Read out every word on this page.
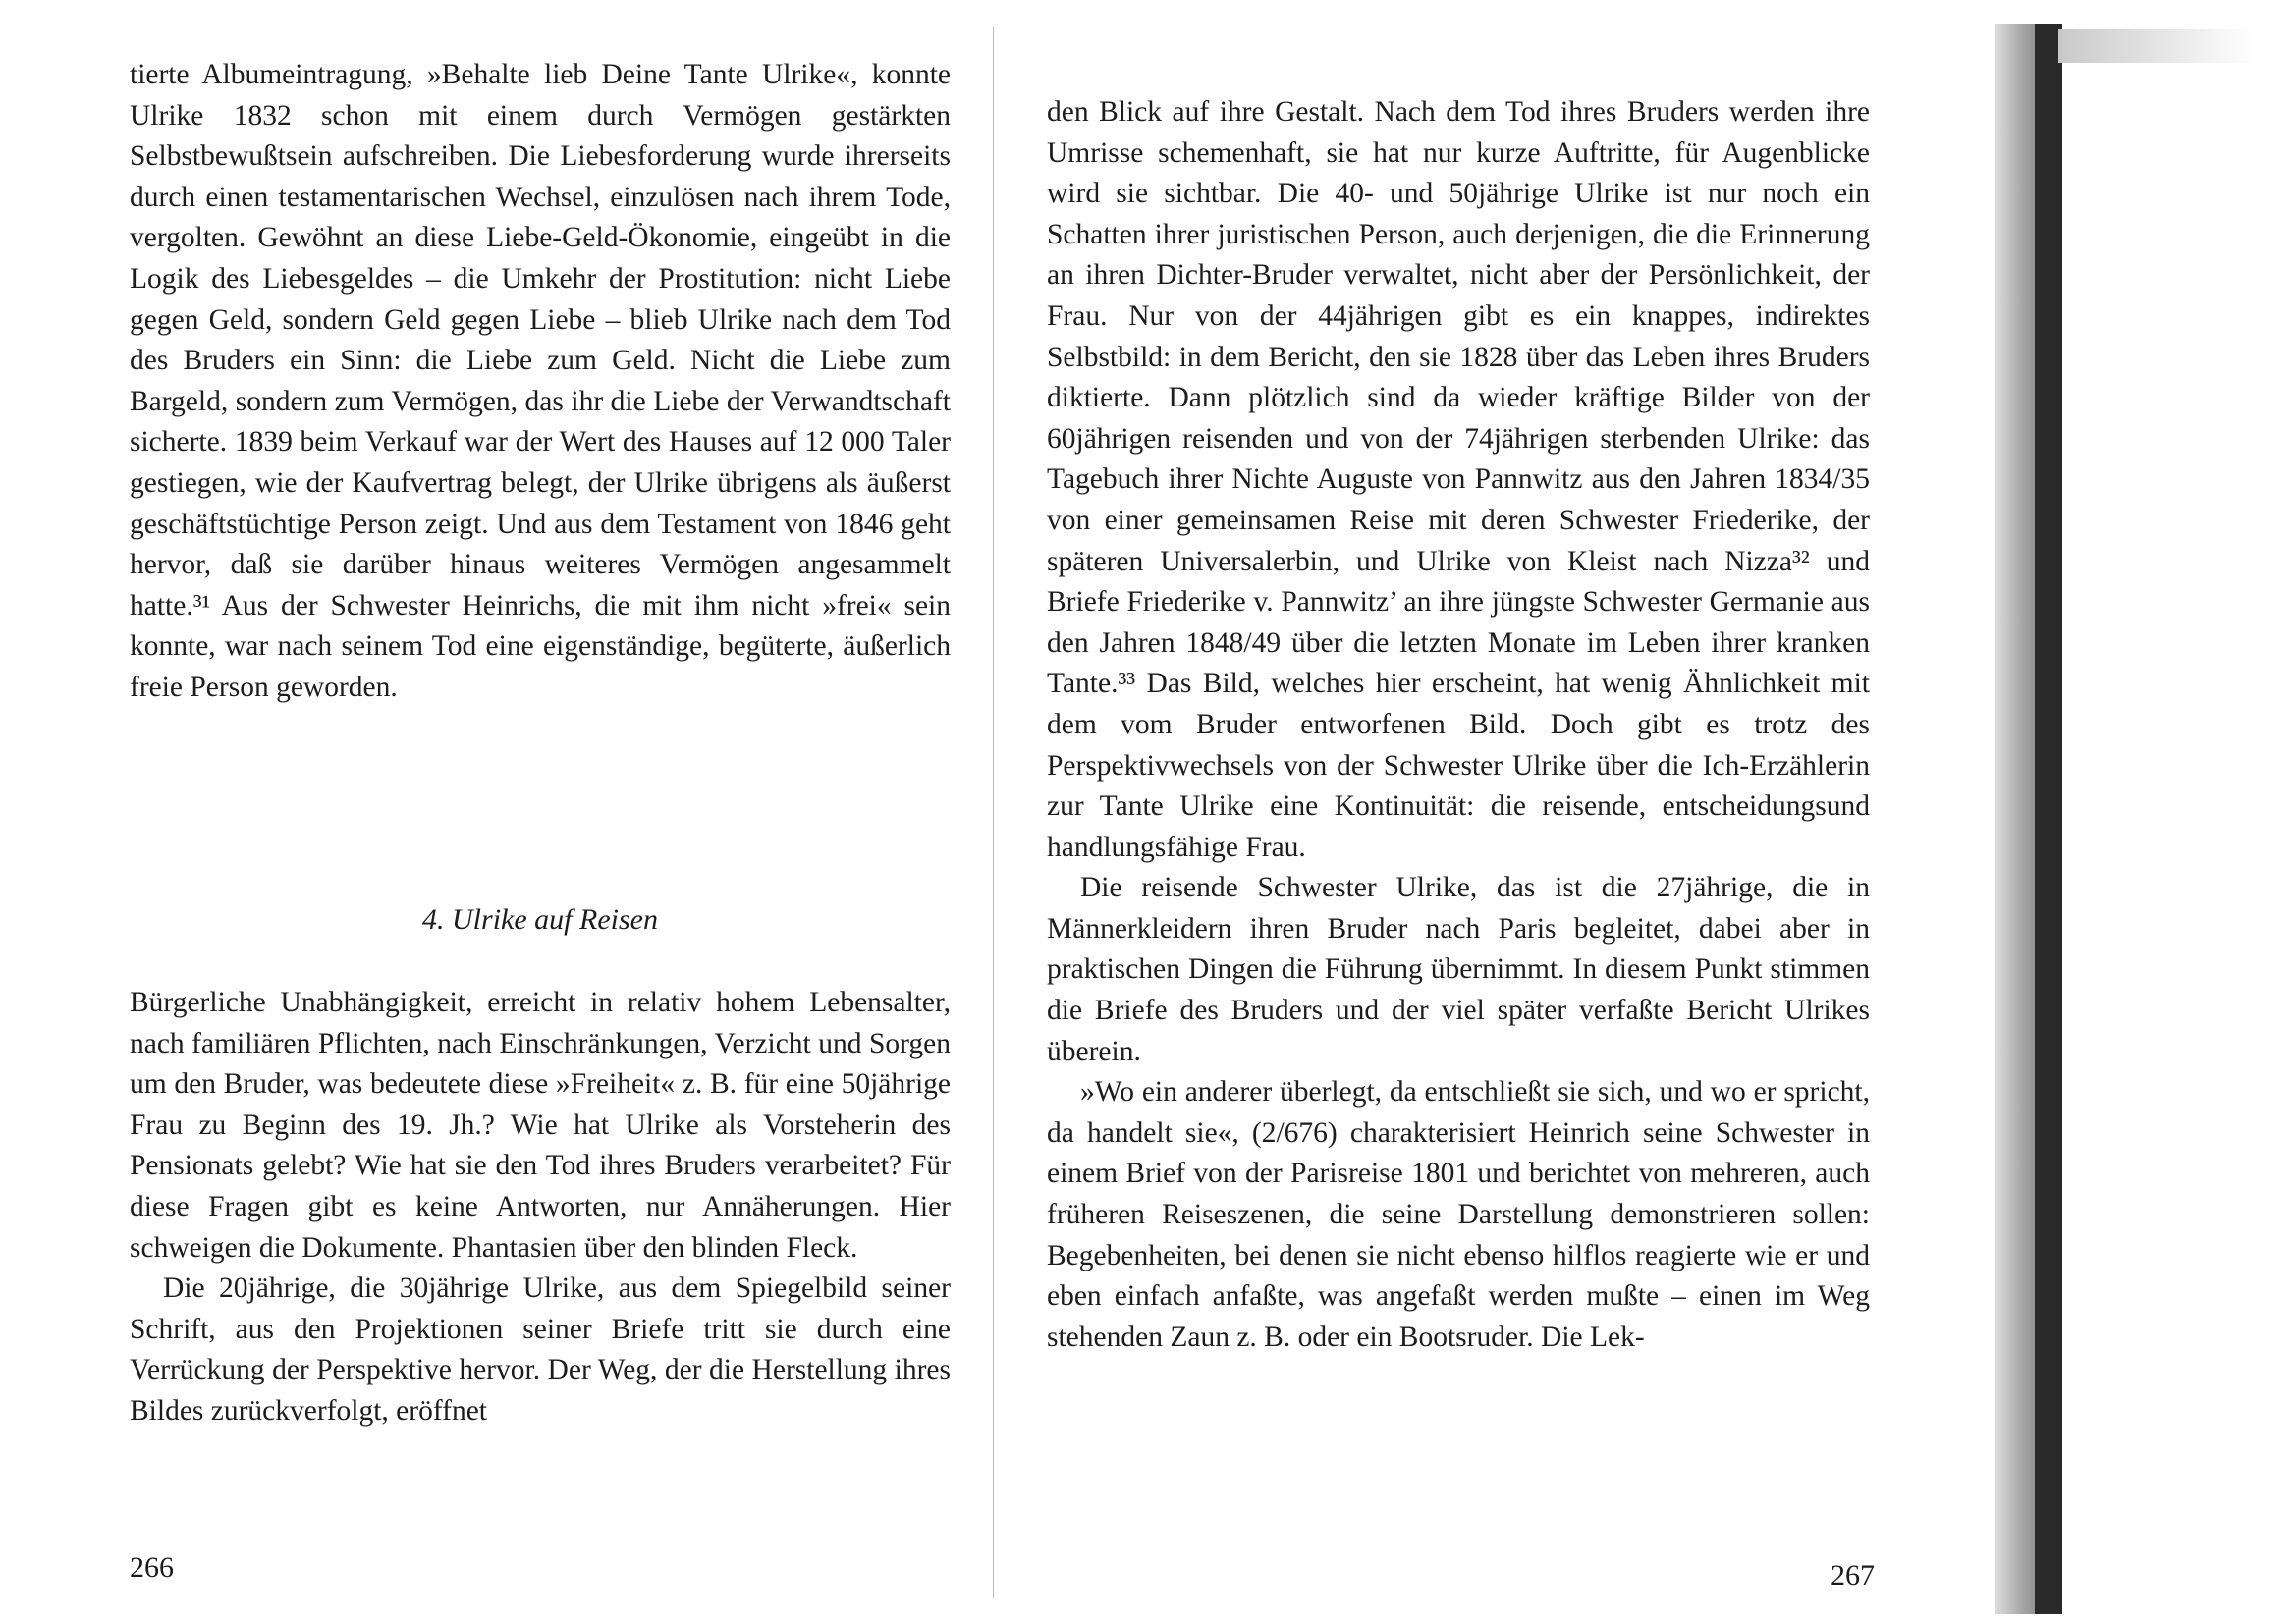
tierte Albumeintragung, »Behalte lieb Deine Tante Ulrike«, konnte Ulrike 1832 schon mit einem durch Vermögen gestärkten Selbstbewußtsein aufschreiben. Die Liebesforderung wurde ihrerseits durch einen testamentarischen Wechsel, einzulösen nach ihrem Tode, vergolten. Gewöhnt an diese Liebe-Geld-Ökonomie, eingeübt in die Logik des Liebesgeldes – die Umkehr der Prostitution: nicht Liebe gegen Geld, sondern Geld gegen Liebe – blieb Ulrike nach dem Tod des Bruders ein Sinn: die Liebe zum Geld. Nicht die Liebe zum Bargeld, sondern zum Vermögen, das ihr die Liebe der Verwandtschaft sicherte. 1839 beim Verkauf war der Wert des Hauses auf 12 000 Taler gestiegen, wie der Kaufvertrag belegt, der Ulrike übrigens als äußerst geschäftstüchtige Person zeigt. Und aus dem Testament von 1846 geht hervor, daß sie darüber hinaus weiteres Vermögen angesammelt hatte.³¹ Aus der Schwester Heinrichs, die mit ihm nicht »frei« sein konnte, war nach seinem Tod eine eigenständige, begüterte, äußerlich freie Person geworden.

4. Ulrike auf Reisen

Bürgerliche Unabhängigkeit, erreicht in relativ hohem Lebensalter, nach familiären Pflichten, nach Einschränkungen, Verzicht und Sorgen um den Bruder, was bedeutete diese »Freiheit« z. B. für eine 50jährige Frau zu Beginn des 19. Jh.? Wie hat Ulrike als Vorsteherin des Pensionats gelebt? Wie hat sie den Tod ihres Bruders verarbeitet? Für diese Fragen gibt es keine Antworten, nur Annäherungen. Hier schweigen die Dokumente. Phantasien über den blinden Fleck.

Die 20jährige, die 30jährige Ulrike, aus dem Spiegelbild seiner Schrift, aus den Projektionen seiner Briefe tritt sie durch eine Verrückung der Perspektive hervor. Der Weg, der die Herstellung ihres Bildes zurückverfolgt, eröffnet

266

den Blick auf ihre Gestalt. Nach dem Tod ihres Bruders werden ihre Umrisse schemenhaft, sie hat nur kurze Auftritte, für Augenblicke wird sie sichtbar. Die 40- und 50jährige Ulrike ist nur noch ein Schatten ihrer juristischen Person, auch derjenigen, die die Erinnerung an ihren Dichter-Bruder verwaltet, nicht aber der Persönlichkeit, der Frau. Nur von der 44jährigen gibt es ein knappes, indirektes Selbstbild: in dem Bericht, den sie 1828 über das Leben ihres Bruders diktierte. Dann plötzlich sind da wieder kräftige Bilder von der 60jährigen reisenden und von der 74jährigen sterbenden Ulrike: das Tagebuch ihrer Nichte Auguste von Pannwitz aus den Jahren 1834/35 von einer gemeinsamen Reise mit deren Schwester Friederike, der späteren Universalerbin, und Ulrike von Kleist nach Nizza³² und Briefe Friederike v. Pannwitz’ an ihre jüngste Schwester Germanie aus den Jahren 1848/49 über die letzten Monate im Leben ihrer kranken Tante.³³ Das Bild, welches hier erscheint, hat wenig Ähnlichkeit mit dem vom Bruder entworfenen Bild. Doch gibt es trotz des Perspektivwechsels von der Schwester Ulrike über die Ich-Erzählerin zur Tante Ulrike eine Kontinuität: die reisende, entscheidungsund handlungsfähige Frau.

Die reisende Schwester Ulrike, das ist die 27jährige, die in Männerkleidern ihren Bruder nach Paris begleitet, dabei aber in praktischen Dingen die Führung übernimmt. In diesem Punkt stimmen die Briefe des Bruders und der viel später verfaßte Bericht Ulrikes überein.

»Wo ein anderer überlegt, da entschließt sie sich, und wo er spricht, da handelt sie«, (2/676) charakterisiert Heinrich seine Schwester in einem Brief von der Parisreise 1801 und berichtet von mehreren, auch früheren Reiseszenen, die seine Darstellung demonstrieren sollen: Begebenheiten, bei denen sie nicht ebenso hilflos reagierte wie er und eben einfach anfaßte, was angefaßt werden mußte – einen im Weg stehenden Zaun z. B. oder ein Bootsruder. Die Lek-

267
